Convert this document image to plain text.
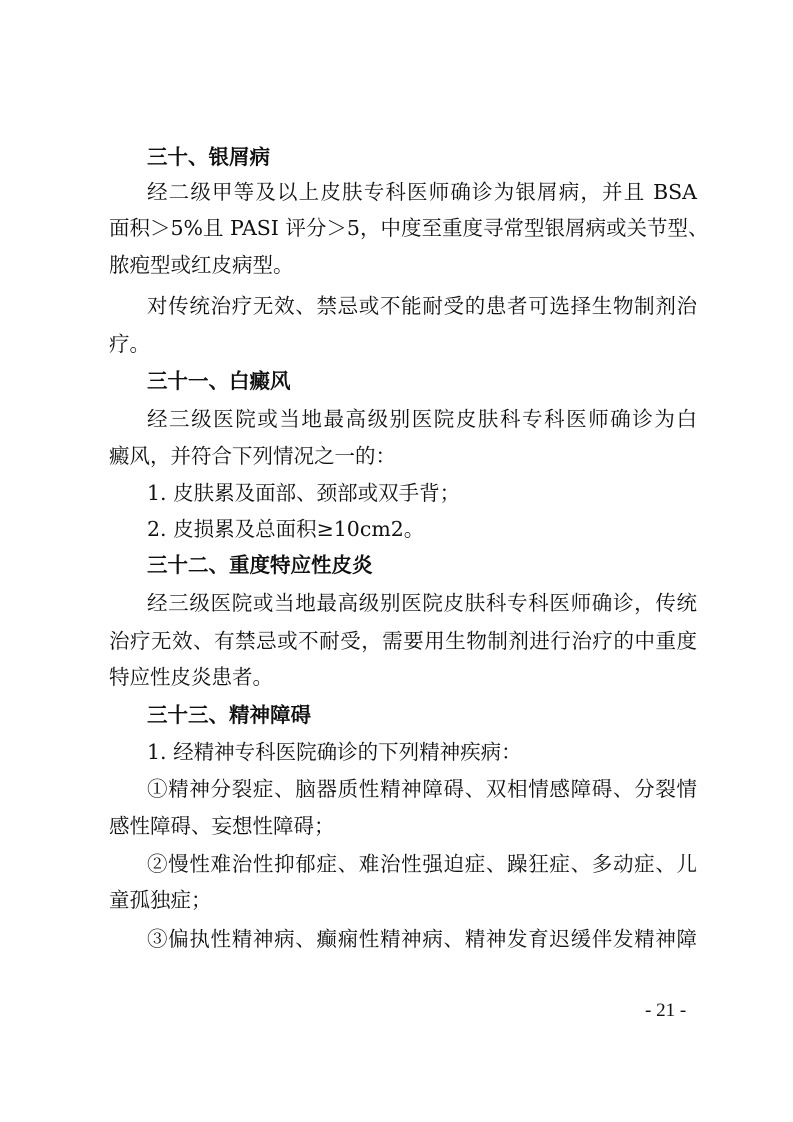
三十、银屑病
经二级甲等及以上皮肤专科医师确诊为银屑病，并且 BSA
面积＞5%且 PASI 评分＞5，中度至重度寻常型银屑病或关节型、
脓疱型或红皮病型。
对传统治疗无效、禁忌或不能耐受的患者可选择生物制剂治
疗。
三十一、白癜风
经三级医院或当地最高级别医院皮肤科专科医师确诊为白
癜风，并符合下列情况之一的：
1. 皮肤累及面部、颈部或双手背；
2. 皮损累及总面积≥10cm2。
三十二、重度特应性皮炎
经三级医院或当地最高级别医院皮肤科专科医师确诊，传统
治疗无效、有禁忌或不耐受，需要用生物制剂进行治疗的中重度
特应性皮炎患者。
三十三、精神障碍
1. 经精神专科医院确诊的下列精神疾病：
①精神分裂症、脑器质性精神障碍、双相情感障碍、分裂情
感性障碍、妄想性障碍；
②慢性难治性抑郁症、难治性强迫症、躁狂症、多动症、儿
童孤独症；
③偏执性精神病、癫痫性精神病、精神发育迟缓伴发精神障
- 21 -
